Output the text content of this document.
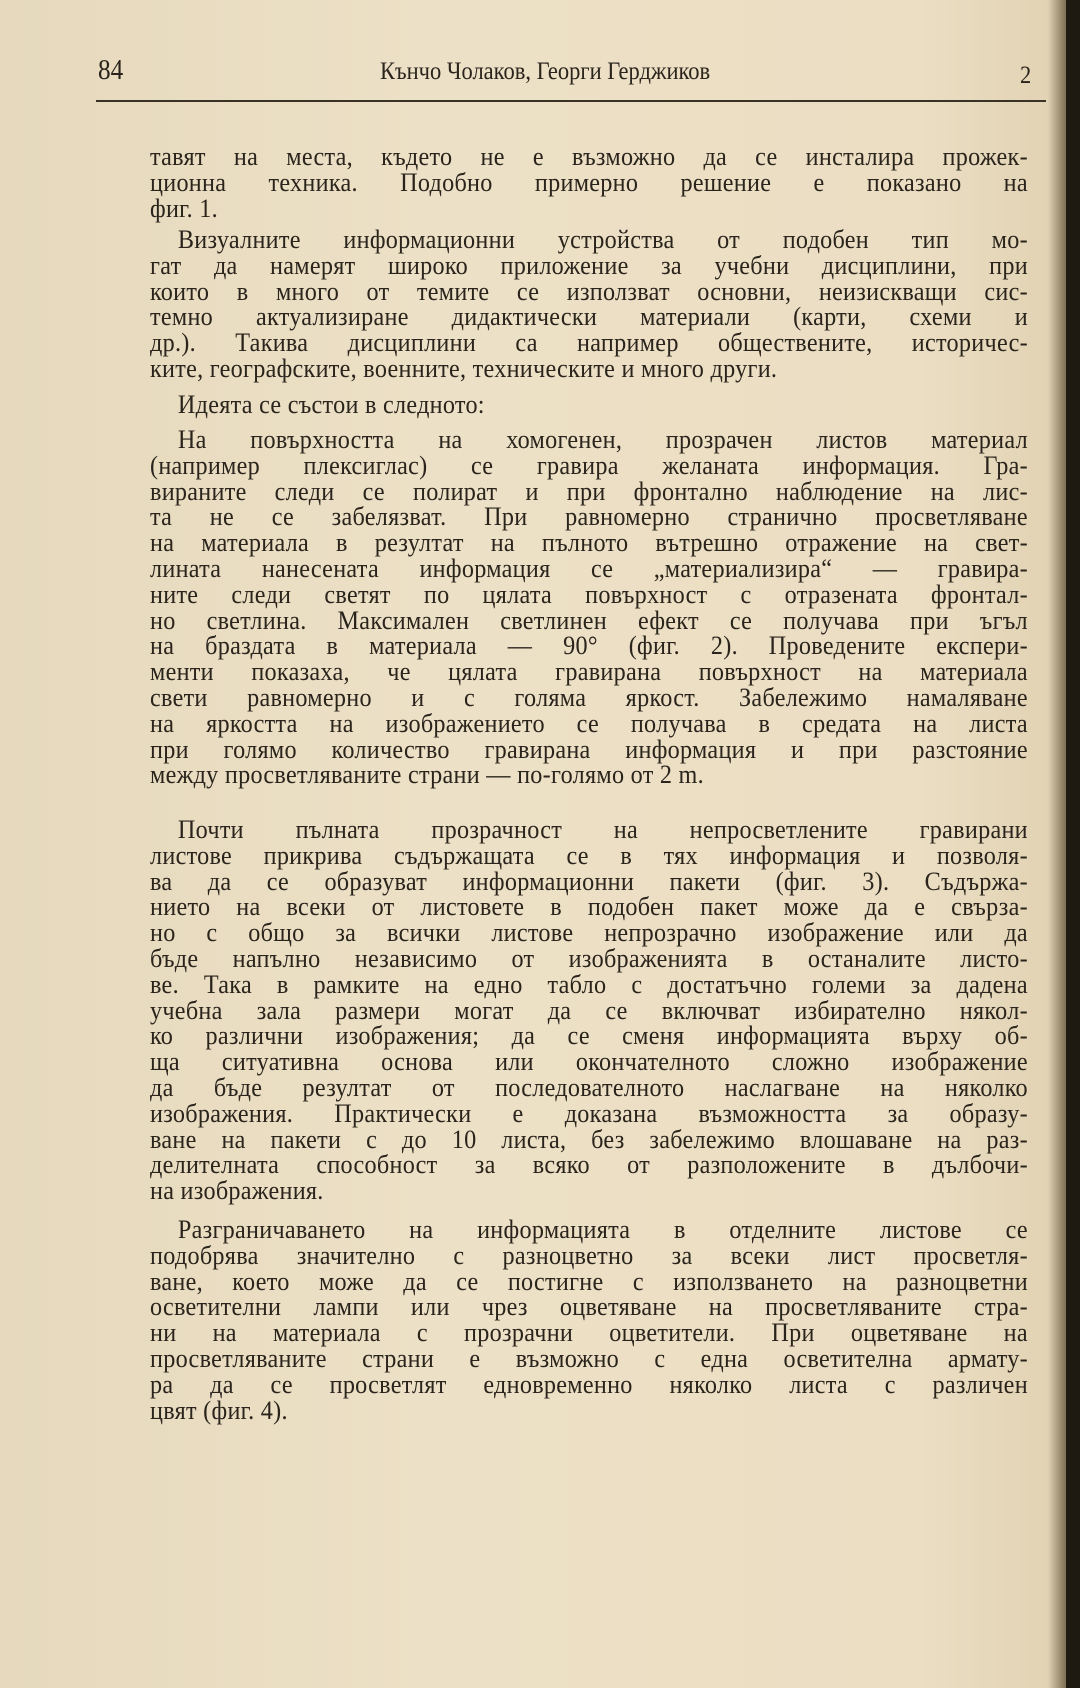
84	Кънчо Чолаков, Георги Герджиков	2
тавят на места, където не е възможно да се инсталира прожек-
ционна техника. Подобно примерно решение е показано на
фиг. 1.
Визуалните информационни устройства от подобен тип мо-
гат да намерят широко приложение за учебни дисциплини, при
които в много от темите се използват основни, неизискващи сис-
темно актуализиране дидактически материали (карти, схеми и
др.). Такива дисциплини са например обществените, историчес-
ките, географските, военните, техническите и много други.
Идеята се състои в следното:
На повърхността на хомогенен, прозрачен листов материал
(например плексиглас) се гравира желаната информация. Гра-
вираните следи се полират и при фронтално наблюдение на лис-
та не се забелязват. При равномерно странично просветляване
на материала в резултат на пълното вътрешно отражение на свет-
лината нанесената информация се „материализира“ — гравира-
ните следи светят по цялата повърхност с отразената фронтал-
но светлина. Максимален светлинен ефект се получава при ъгъл
на браздата в материала — 90° (фиг. 2). Проведените експери-
менти показаха, че цялата гравирана повърхност на материала
свети равномерно и с голяма яркост. Забележимо намаляване
на яркостта на изображението се получава в средата на листа
при голямо количество гравирана информация и при разстояние
между просветляваните страни — по-голямо от 2 m.
Почти пълната прозрачност на непросветлените гравирани
листове прикрива съдържащата се в тях информация и позволя-
ва да се образуват информационни пакети (фиг. 3). Съдържа-
нието на всеки от листовете в подобен пакет може да е свърза-
но с общо за всички листове непрозрачно изображение или да
бъде напълно независимо от изображенията в останалите листо-
ве. Така в рамките на едно табло с достатъчно големи за дадена
учебна зала размери могат да се включват избирателно някол-
ко различни изображения; да се сменя информацията върху об-
ща ситуативна основа или окончателното сложно изображение
да бъде резултат от последователното наслагване на няколко
изображения. Практически е доказана възможността за образу-
ване на пакети с до 10 листа, без забележимо влошаване на раз-
делителната способност за всяко от разположените в дълбочи-
на изображения.
Разграничаването на информацията в отделните листове се
подобрява значително с разноцветно за всеки лист просветля-
ване, което може да се постигне с използването на разноцветни
осветителни лампи или чрез оцветяване на просветляваните стра-
ни на материала с прозрачни оцветители. При оцветяване на
просветляваните страни е възможно с една осветителна армату-
ра да се просветлят едновременно няколко листа с различен
цвят (фиг. 4).
